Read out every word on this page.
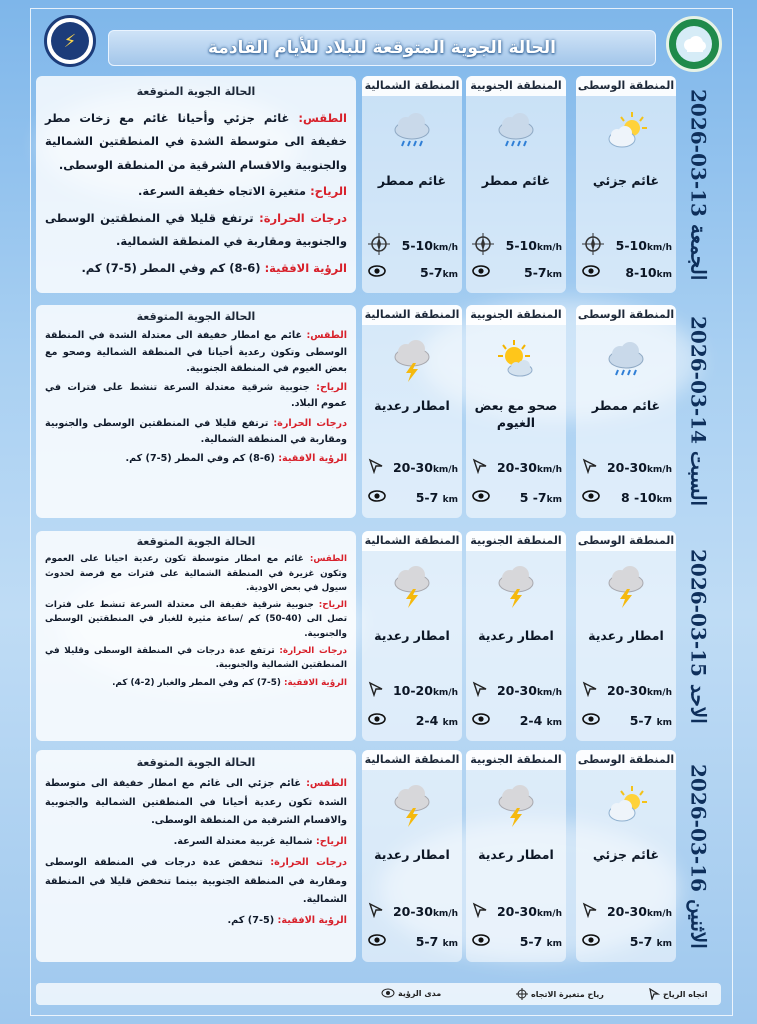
⚡	الحالة الجوية المتوقعة للبلاد للأيام القادمة
الجمعة 13-03-2026
المنطقة الوسطى
غائم جزئي
5-10km/h
8-10km
المنطقة الجنوبية
غائم ممطر
5-10km/h
5-7km
المنطقة الشمالية
غائم ممطر
5-10km/h
5-7km
الحالة الجوية المتوقعة

الطقس: غائم جزئي وأحيانا غائم مع زخات مطر خفيفة الى متوسطة الشدة في المنطقتين الشمالية والجنوبية والاقسام الشرقية من المنطقة الوسطى.

الرياح: متغيرة الاتجاه خفيفة السرعة.

درجات الحرارة: ترتفع قليلا في المنطقتين الوسطى والجنوبية ومقاربة في المنطقة الشمالية.

الرؤية الافقية: (6-8) كم وفي المطر (5-7) كم.

السبت 14-03-2026
المنطقة الوسطى
غائم ممطر
20-30km/h
8 -10km
المنطقة الجنوبية
صحو مع بعض الغيوم
20-30km/h
5 -7km
المنطقة الشمالية
امطار رعدية
20-30km/h
5-7 km
الحالة الجوية المتوقعة

الطقس: غائم مع امطار خفيفة الى معتدلة الشدة في المنطقة الوسطى وتكون رعدية أحيانا في المنطقة الشمالية وصحو مع بعض الغيوم في المنطقة الجنوبية.

الرياح: جنوبية شرقية معتدلة السرعة تنشط على فترات في عموم البلاد.

درجات الحرارة: ترتفع قليلا في المنطقتين الوسطى والجنوبية ومقاربة في المنطقة الشمالية.

الرؤية الافقية: (6-8) كم وفي المطر (5-7) كم.

الاحد 15-03-2026
المنطقة الوسطى
امطار رعدية
20-30km/h
5-7 km
المنطقة الجنوبية
امطار رعدية
20-30km/h
2-4 km
المنطقة الشمالية
امطار رعدية
10-20km/h
2-4 km
الحالة الجوية المتوقعة

الطقس: غائم مع امطار متوسطة تكون رعدية احيانا على العموم وتكون غزيرة في المنطقة الشمالية على فترات مع فرصة لحدوث سيول في بعض الاودية.

الرياح: جنوبية شرقية خفيفة الى معتدلة السرعة تنشط على فترات تصل الى (40-50) كم /ساعة مثيرة للغبار في المنطقتين الوسطى والجنوبية.

درجات الحرارة: ترتفع عدة درجات في المنطقة الوسطى وقليلا في المنطقتين الشمالية والجنوبية.

الرؤية الافقية: (5-7) كم وفي المطر والغبار (2-4) كم.

الاثنين 16-03-2026
المنطقة الوسطى
غائم جزئي
20-30km/h
5-7 km
المنطقة الجنوبية
امطار رعدية
20-30km/h
5-7 km
المنطقة الشمالية
امطار رعدية
20-30km/h
5-7 km
الحالة الجوية المتوقعة

الطقس: غائم جزئي الى غائم مع امطار خفيفة الى متوسطة الشدة تكون رعدية أحيانا في المنطقتين الشمالية والجنوبية والاقسام الشرقية من المنطقة الوسطى.

الرياح: شمالية غربية معتدلة السرعة.

درجات الحرارة: تنخفض عدة درجات في المنطقة الوسطى ومقاربة في المنطقة الجنوبية بينما تنخفض قليلا في المنطقة الشمالية.

الرؤية الافقية: (5-7) كم.

اتجاه الرياح
رياح متغيرة الاتجاه
مدى الرؤية
